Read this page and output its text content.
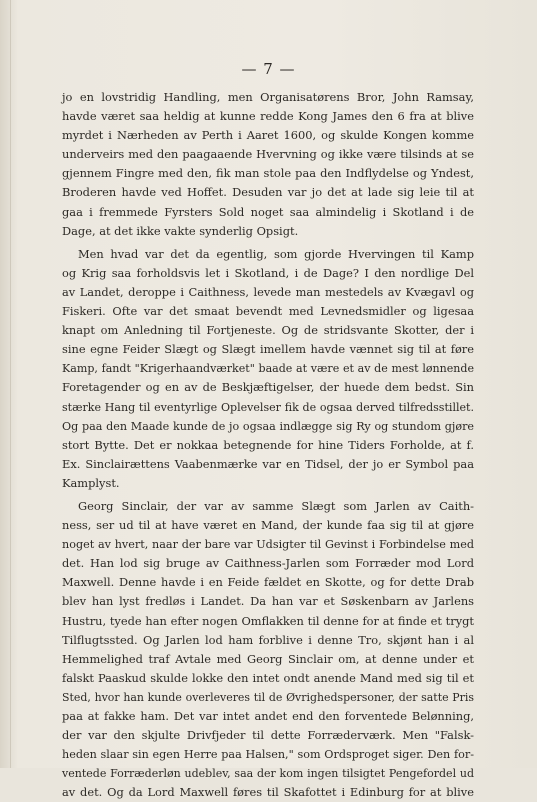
— 7 —
jo en lovstridig Handling, men Organisatørens Bror, John Ramsay,
havde været saa heldig at kunne redde Kong James den 6 fra at blive
myrdet i Nærheden av Perth i Aaret 1600, og skulde Kongen komme
underveirs med den paagaaende Hvervning og ikke være tilsinds at se
gjennem Fingre med den, fik man stole paa den Indflydelse og Yndest,
Broderen havde ved Hoffet. Desuden var jo det at lade sig leie til at
gaa i fremmede Fyrsters Sold noget saa almindelig i Skotland i de
Dage, at det ikke vakte synderlig Opsigt.
Men hvad var det da egentlig, som gjorde Hvervingen til Kamp
og Krig saa forholdsvis let i Skotland, i de Dage? I den nordlige Del
av Landet, deroppe i Caithness, levede man mestedels av Kvægavl og
Fiskeri. Ofte var det smaat bevendt med Levnedsmidler og ligesaa
knapt om Anledning til Fortjeneste. Og de stridsvante Skotter, der i
sine egne Feider Slægt og Slægt imellem havde vænnet sig til at føre
Kamp, fandt "Krigerhaandværket" baade at være et av de mest lønnende
Foretagender og en av de Beskjæftigelser, der huede dem bedst. Sin
stærke Hang til eventyrlige Oplevelser fik de ogsaa derved tilfredsstillet.
Og paa den Maade kunde de jo ogsaa indlægge sig Ry og stundom gjøre
stort Bytte. Det er nokkaa betegnende for hine Tiders Forholde, at f.
Ex. Sinclairættens Vaabenmærke var en Tidsel, der jo er Symbol paa
Kamplyst.
Georg Sinclair, der var av samme Slægt som Jarlen av Caith-
ness, ser ud til at have været en Mand, der kunde faa sig til at gjøre
noget av hvert, naar der bare var Udsigter til Gevinst i Forbindelse med
det. Han lod sig bruge av Caithness-Jarlen som Forræder mod Lord
Maxwell. Denne havde i en Feide fældet en Skotte, og for dette Drab
blev han lyst fredløs i Landet. Da han var et Søskenbarn av Jarlens
Hustru, tyede han efter nogen Omflakken til denne for at finde et trygt
Tilflugtssted. Og Jarlen lod ham forblive i denne Tro, skjønt han i al
Hemmelighed traf Avtale med Georg Sinclair om, at denne under et
falskt Paaskud skulde lokke den intet ondt anende Mand med sig til et
Sted, hvor han kunde overleveres til de Øvrighedspersoner, der satte Pris
paa at fakke ham. Det var intet andet end den forventede Belønning,
der var den skjulte Drivfjeder til dette Forræderværk. Men "Falsk-
heden slaar sin egen Herre paa Halsen," som Ordsproget siger. Den for-
ventede Forræderløn udeblev, saa der kom ingen tilsigtet Pengefordel ud
av det. Og da Lord Maxwell føres til Skafottet i Edinburg for at blive
